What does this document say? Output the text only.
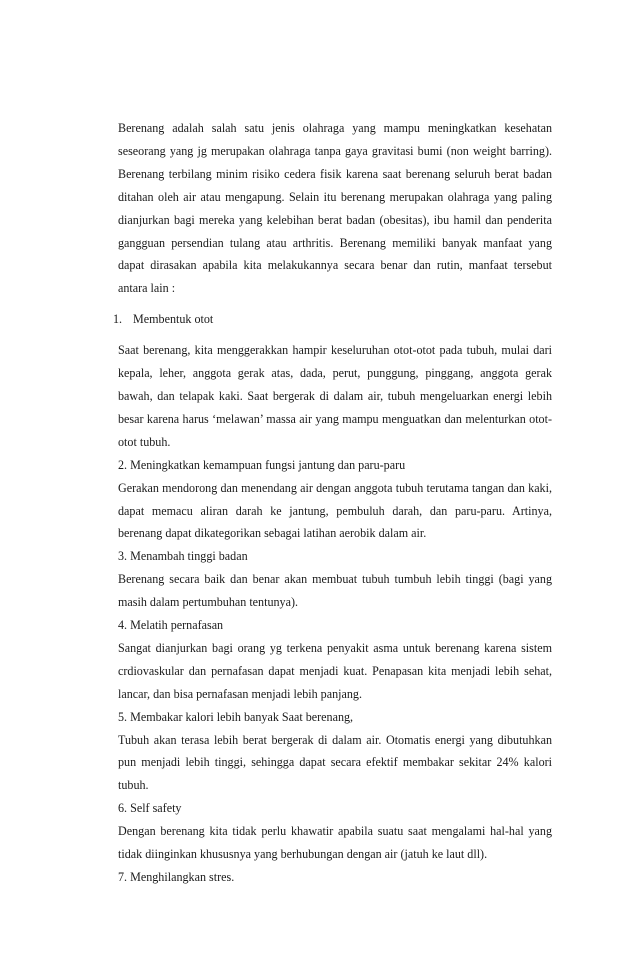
Berenang adalah salah satu jenis olahraga yang mampu meningkatkan kesehatan seseorang yang jg merupakan olahraga tanpa gaya gravitasi bumi (non weight barring). Berenang terbilang minim risiko cedera fisik karena saat berenang seluruh berat badan ditahan oleh air atau mengapung. Selain itu berenang merupakan olahraga yang paling dianjurkan bagi mereka yang kelebihan berat badan (obesitas), ibu hamil dan penderita gangguan persendian tulang atau arthritis. Berenang memiliki banyak manfaat yang dapat dirasakan apabila kita melakukannya secara benar dan rutin, manfaat tersebut antara lain :

1. Membentuk otot

Saat berenang, kita menggerakkan hampir keseluruhan otot-otot pada tubuh, mulai dari kepala, leher, anggota gerak atas, dada, perut, punggung, pinggang, anggota gerak bawah, dan telapak kaki. Saat bergerak di dalam air, tubuh mengeluarkan energi lebih besar karena harus ‘melawan’ massa air yang mampu menguatkan dan melenturkan otot-otot tubuh.

2. Meningkatkan kemampuan fungsi jantung dan paru-paru

Gerakan mendorong dan menendang air dengan anggota tubuh terutama tangan dan kaki, dapat memacu aliran darah ke jantung, pembuluh darah, dan paru-paru. Artinya, berenang dapat dikategorikan sebagai latihan aerobik dalam air.

3. Menambah tinggi badan

Berenang secara baik dan benar akan membuat tubuh tumbuh lebih tinggi (bagi yang masih dalam pertumbuhan tentunya).

4. Melatih pernafasan

Sangat dianjurkan bagi orang yg terkena penyakit asma untuk berenang karena sistem crdiovaskular dan pernafasan dapat menjadi kuat. Penapasan kita menjadi lebih sehat, lancar, dan bisa pernafasan menjadi lebih panjang.

5. Membakar kalori lebih banyak Saat berenang,

Tubuh akan terasa lebih berat bergerak di dalam air. Otomatis energi yang dibutuhkan pun menjadi lebih tinggi, sehingga dapat secara efektif membakar sekitar 24% kalori tubuh.

6. Self safety

Dengan berenang kita tidak perlu khawatir apabila suatu saat mengalami hal-hal yang tidak diinginkan khususnya yang berhubungan dengan air (jatuh ke laut dll).

7. Menghilangkan stres.
